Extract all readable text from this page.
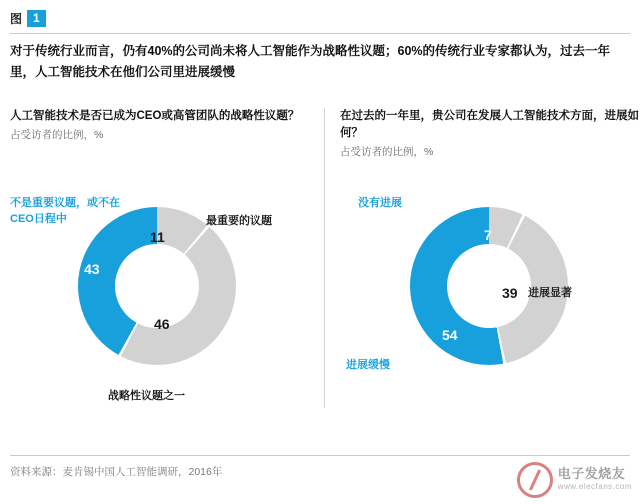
图 1
对于传统行业而言，仍有40%的公司尚未将人工智能作为战略性议题；60%的传统行业专家都认为，过去一年里，人工智能技术在他们公司里进展缓慢
人工智能技术是否已成为CEO或高管团队的战略性议题？
占受访者的比例，%
在过去的一年里，贵公司在发展人工智能技术方面，进展如何？
占受访者的比例，%
不是重要议题，或不在CEO日程中	最重要的议题
战略性议题之一
43
11
46
没有进展
进展显著
进展缓慢
7
39
54
资料来源：麦肯锡中国人工智能调研，2016年	电子发烧友
www.elecfans.com
